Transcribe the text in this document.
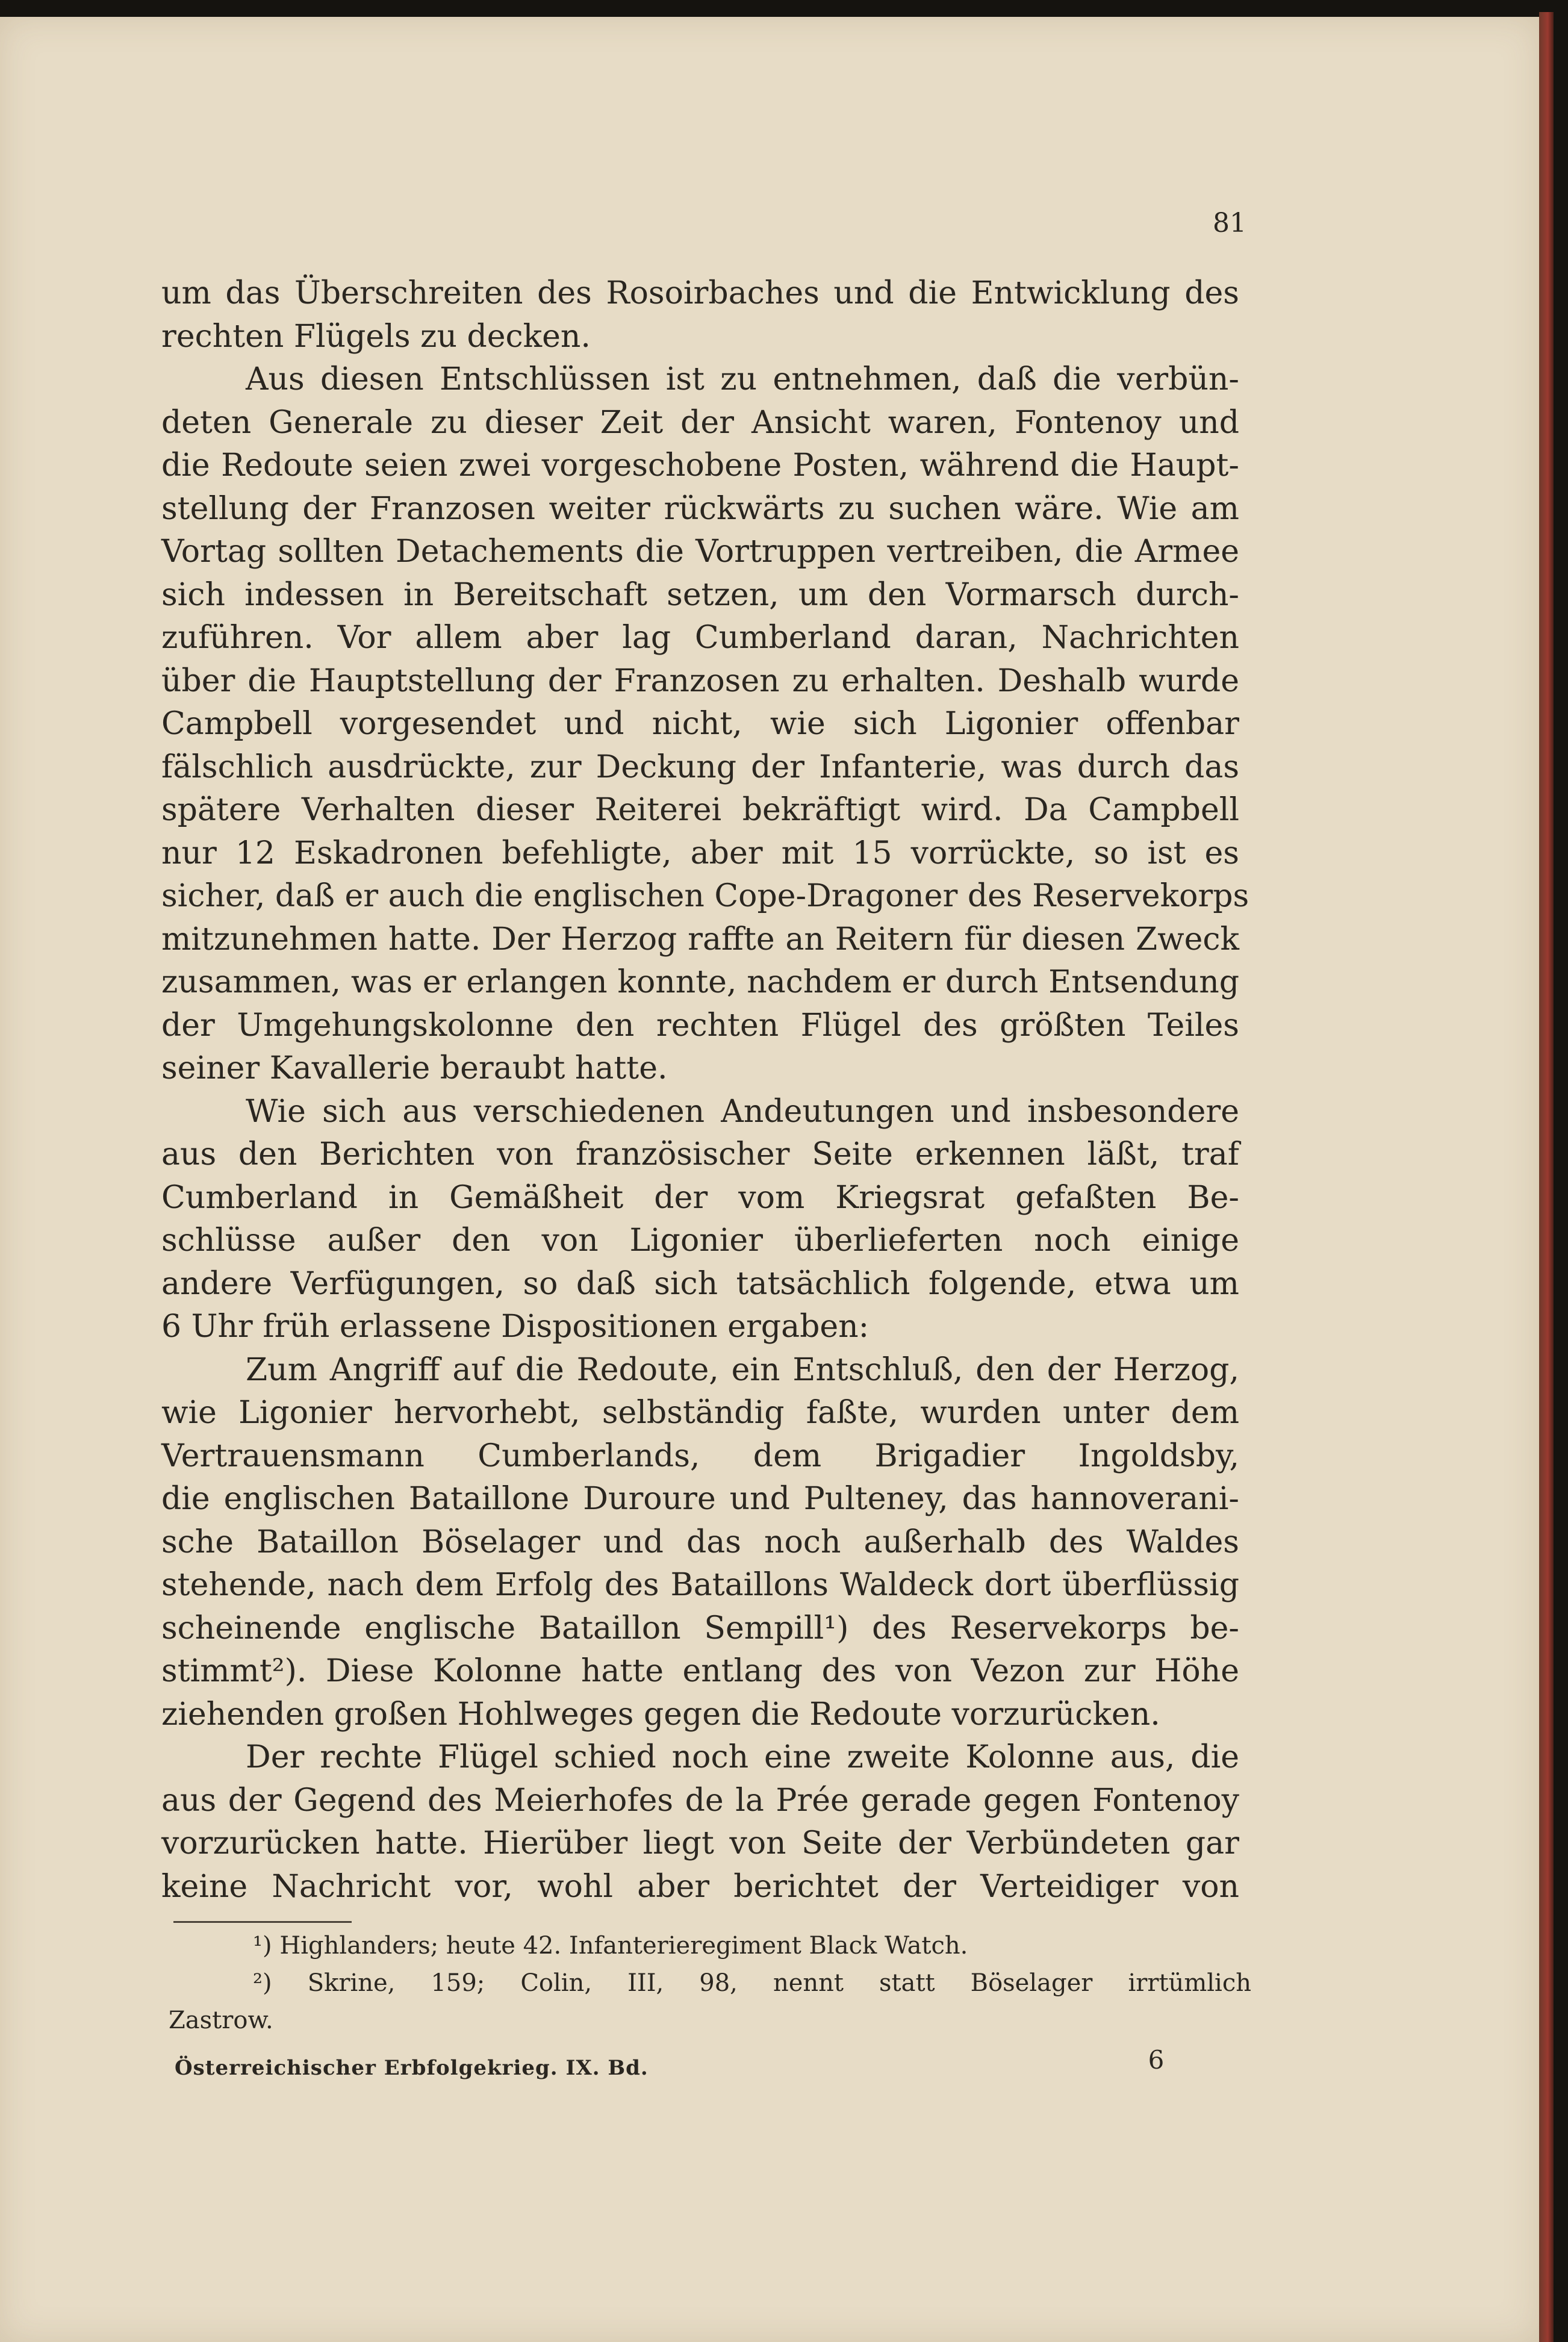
81

um das Überschreiten des Rosoirbaches und die Entwicklung des
rechten Flügels zu decken.
Aus diesen Entschlüssen ist zu entnehmen, daß die verbün-
deten Generale zu dieser Zeit der Ansicht waren, Fontenoy und
die Redoute seien zwei vorgeschobene Posten, während die Haupt-
stellung der Franzosen weiter rückwärts zu suchen wäre. Wie am
Vortag sollten Detachements die Vortruppen vertreiben, die Armee
sich indessen in Bereitschaft setzen, um den Vormarsch durch-
zuführen. Vor allem aber lag Cumberland daran, Nachrichten
über die Hauptstellung der Franzosen zu erhalten. Deshalb wurde
Campbell vorgesendet und nicht, wie sich Ligonier offenbar
fälschlich ausdrückte, zur Deckung der Infanterie, was durch das
spätere Verhalten dieser Reiterei bekräftigt wird. Da Campbell
nur 12 Eskadronen befehligte, aber mit 15 vorrückte, so ist es
sicher, daß er auch die englischen Cope-Dragoner des Reservekorps
mitzunehmen hatte. Der Herzog raffte an Reitern für diesen Zweck
zusammen, was er erlangen konnte, nachdem er durch Entsendung
der Umgehungskolonne den rechten Flügel des größten Teiles
seiner Kavallerie beraubt hatte.
Wie sich aus verschiedenen Andeutungen und insbesondere
aus den Berichten von französischer Seite erkennen läßt, traf
Cumberland in Gemäßheit der vom Kriegsrat gefaßten Be-
schlüsse außer den von Ligonier überlieferten noch einige
andere Verfügungen, so daß sich tatsächlich folgende, etwa um
6 Uhr früh erlassene Dispositionen ergaben:
Zum Angriff auf die Redoute, ein Entschluß, den der Herzog,
wie Ligonier hervorhebt, selbständig faßte, wurden unter dem
Vertrauensmann Cumberlands, dem Brigadier Ingoldsby,
die englischen Bataillone Duroure und Pulteney, das hannoverani-
sche Bataillon Böselager und das noch außerhalb des Waldes
stehende, nach dem Erfolg des Bataillons Waldeck dort überflüssig
scheinende englische Bataillon Sempill¹) des Reservekorps be-
stimmt²). Diese Kolonne hatte entlang des von Vezon zur Höhe
ziehenden großen Hohlweges gegen die Redoute vorzurücken.
Der rechte Flügel schied noch eine zweite Kolonne aus, die
aus der Gegend des Meierhofes de la Prée gerade gegen Fontenoy
vorzurücken hatte. Hierüber liegt von Seite der Verbündeten gar
keine Nachricht vor, wohl aber berichtet der Verteidiger von
¹) Highlanders; heute 42. Infanterieregiment Black Watch.
²) Skrine, 159; Colin, III, 98, nennt statt Böselager irrtümlich
Zastrow.

Österreichischer Erbfolgekrieg. IX. Bd.	6
